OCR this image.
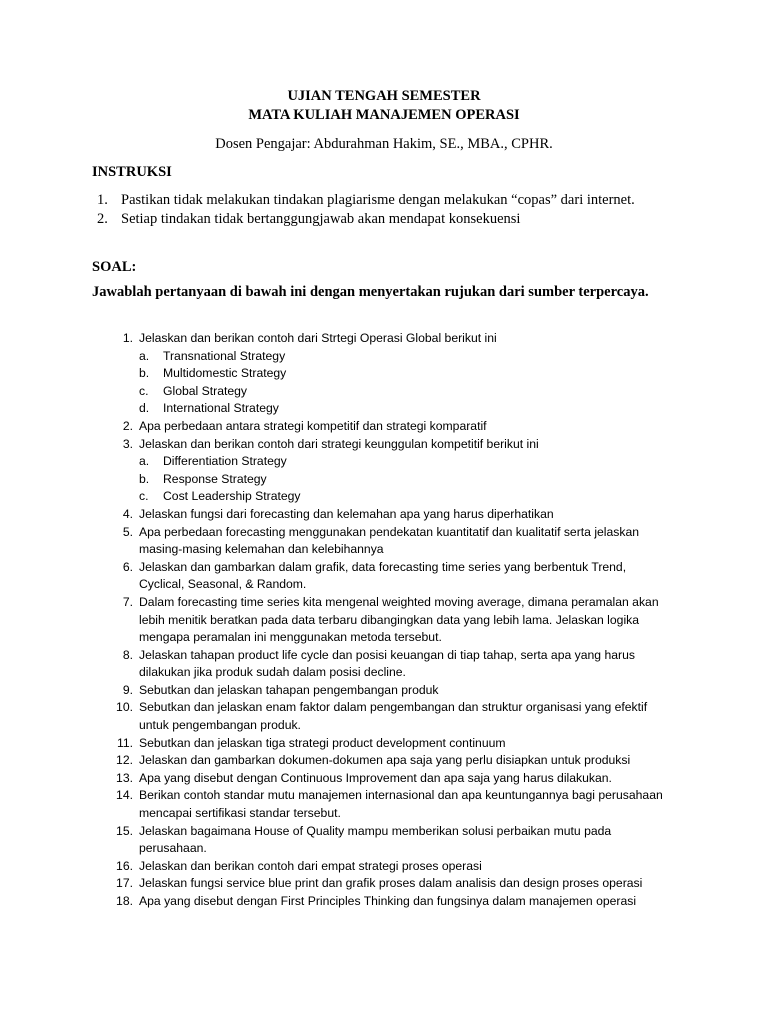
UJIAN TENGAH SEMESTER
MATA KULIAH MANAJEMEN OPERASI
Dosen Pengajar: Abdurahman Hakim, SE., MBA., CPHR.
INSTRUKSI
1. Pastikan tidak melakukan tindakan plagiarisme dengan melakukan “copas” dari internet.
2. Setiap tindakan tidak bertanggungjawab akan mendapat konsekuensi
SOAL:
Jawablah pertanyaan di bawah ini dengan menyertakan rujukan dari sumber terpercaya.
1. Jelaskan dan berikan contoh dari Strtegi Operasi Global berikut ini
a. Transnational Strategy
b. Multidomestic Strategy
c. Global Strategy
d. International Strategy
2. Apa perbedaan antara strategi kompetitif dan strategi komparatif
3. Jelaskan dan berikan contoh dari strategi keunggulan kompetitif berikut ini
a. Differentiation Strategy
b. Response Strategy
c. Cost Leadership Strategy
4. Jelaskan fungsi dari forecasting dan kelemahan apa yang harus diperhatikan
5. Apa perbedaan forecasting menggunakan pendekatan kuantitatif dan kualitatif serta jelaskan masing-masing kelemahan dan kelebihannya
6. Jelaskan dan gambarkan dalam grafik, data forecasting time series yang berbentuk Trend, Cyclical, Seasonal, & Random.
7. Dalam forecasting time series kita mengenal weighted moving average, dimana peramalan akan lebih menitik beratkan pada data terbaru dibangingkan data yang lebih lama. Jelaskan logika mengapa peramalan ini menggunakan metoda tersebut.
8. Jelaskan tahapan product life cycle dan posisi keuangan di tiap tahap, serta apa yang harus dilakukan jika produk sudah dalam posisi decline.
9. Sebutkan dan jelaskan tahapan pengembangan produk
10. Sebutkan dan jelaskan enam faktor dalam pengembangan dan struktur organisasi yang efektif untuk pengembangan produk.
11. Sebutkan dan jelaskan tiga strategi product development continuum
12. Jelaskan dan gambarkan dokumen-dokumen apa saja yang perlu disiapkan untuk produksi
13. Apa yang disebut dengan Continuous Improvement dan apa saja yang harus dilakukan.
14. Berikan contoh standar mutu manajemen internasional dan apa keuntungannya bagi perusahaan mencapai sertifikasi standar tersebut.
15. Jelaskan bagaimana House of Quality mampu memberikan solusi perbaikan mutu pada perusahaan.
16. Jelaskan dan berikan contoh dari empat strategi proses operasi
17. Jelaskan fungsi service blue print dan grafik proses dalam analisis dan design proses operasi
18. Apa yang disebut dengan First Principles Thinking dan fungsinya dalam manajemen operasi
